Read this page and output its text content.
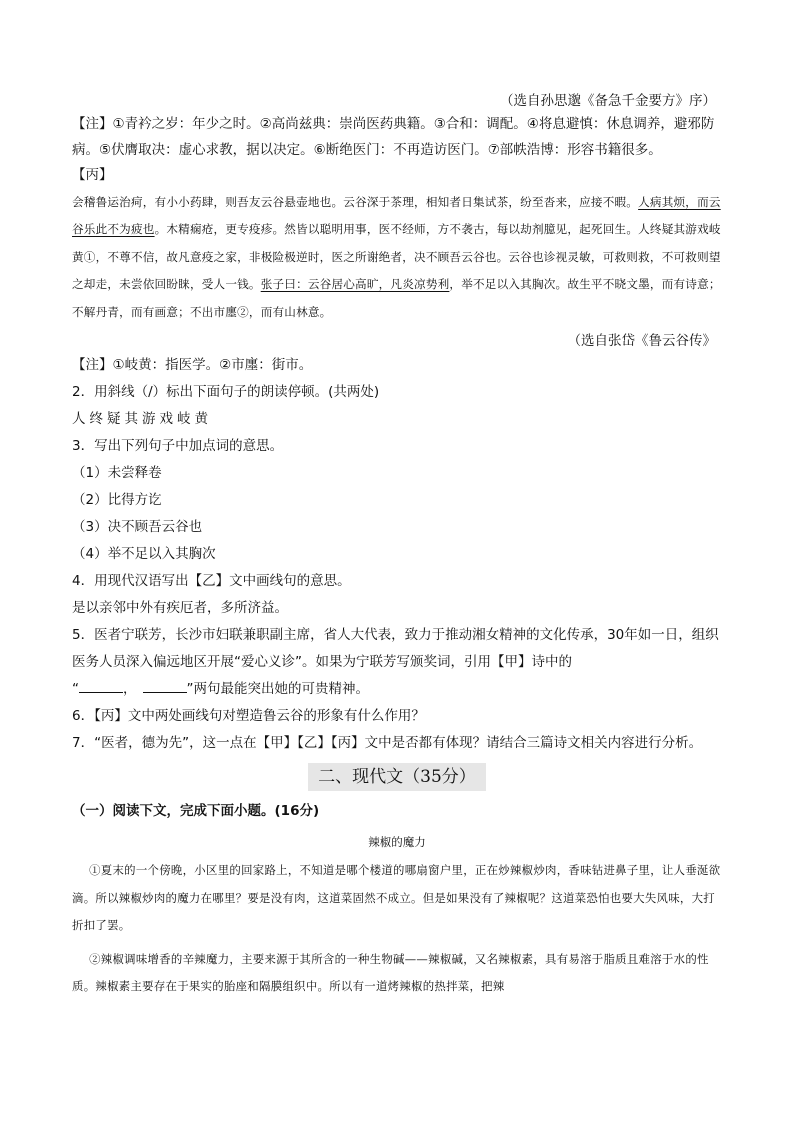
（选自孙思邈《备急千金要方》序）

【注】①青衿之岁：年少之时。②高尚兹典：崇尚医药典籍。③合和：调配。④将息避慎：休息调养，避邪防病。⑤伏膺取决：虚心求教，据以决定。⑥断绝医门：不再造访医门。⑦部帙浩博：形容书籍很多。

【丙】

会稽鲁运治疴，有小小药肆，则吾友云谷悬壶地也。云谷深于茶理，相知者日集试茶，纷至沓来，应接不暇。人病其烦，而云谷乐此不为疲也。木精痫疮，更专疫疹。然皆以聪明用事，医不经师，方不袭古，每以劫剂臆见，起死回生。人终疑其游戏岐黄①，不尊不信，故凡意疫之家，非极险极逆时，医之所谢绝者，决不顾吾云谷也。云谷也诊视灵敏，可救则救，不可救则望之却走，未尝依回盼睐，受人一钱。张子曰：云谷居心高旷，凡炎凉势利，举不足以入其胸次。故生平不晓文墨，而有诗意；不解丹青，而有画意；不出市廛②，而有山林意。

（选自张岱《鲁云谷传》

【注】①岐黄：指医学。②市廛：街市。

2．用斜线（/）标出下面句子的朗读停顿。(共两处)

人终疑其游戏岐黄

3．写出下列句子中加点词的意思。

（1）未尝释卷

（2）比得方讫

（3）决不顾吾云谷也

（4）举不足以入其胸次

4．用现代汉语写出【乙】文中画线句的意思。

是以亲邻中外有疾厄者，多所济益。

5．医者宁联芳，长沙市妇联兼职副主席，省人大代表，致力于推动湘女精神的文化传承，30年如一日，组织医务人员深入偏远地区开展“爱心义诊”。如果为宁联芳写颁奖词，引用【甲】诗中的

“	，	”两句最能突出她的可贵精神。

6．【丙】文中两处画线句对塑造鲁云谷的形象有什么作用？

7．“医者，德为先”，这一点在【甲】【乙】【丙】文中是否都有体现？请结合三篇诗文相关内容进行分析。

二、现代文（35分）

（一）阅读下文，完成下面小题。(16分)

辣椒的魔力

①夏末的一个傍晚，小区里的回家路上，不知道是哪个楼道的哪扇窗户里，正在炒辣椒炒肉，香味钻进鼻子里，让人垂涎欲滴。所以辣椒炒肉的魔力在哪里？要是没有肉，这道菜固然不成立。但是如果没有了辣椒呢？这道菜恐怕也要大失风味，大打折扣了罢。

②辣椒调味增香的辛辣魔力，主要来源于其所含的一种生物碱——辣椒碱，又名辣椒素，具有易溶于脂质且难溶于水的性质。辣椒素主要存在于果实的胎座和隔膜组织中。所以有一道烤辣椒的热拌菜，把辣
